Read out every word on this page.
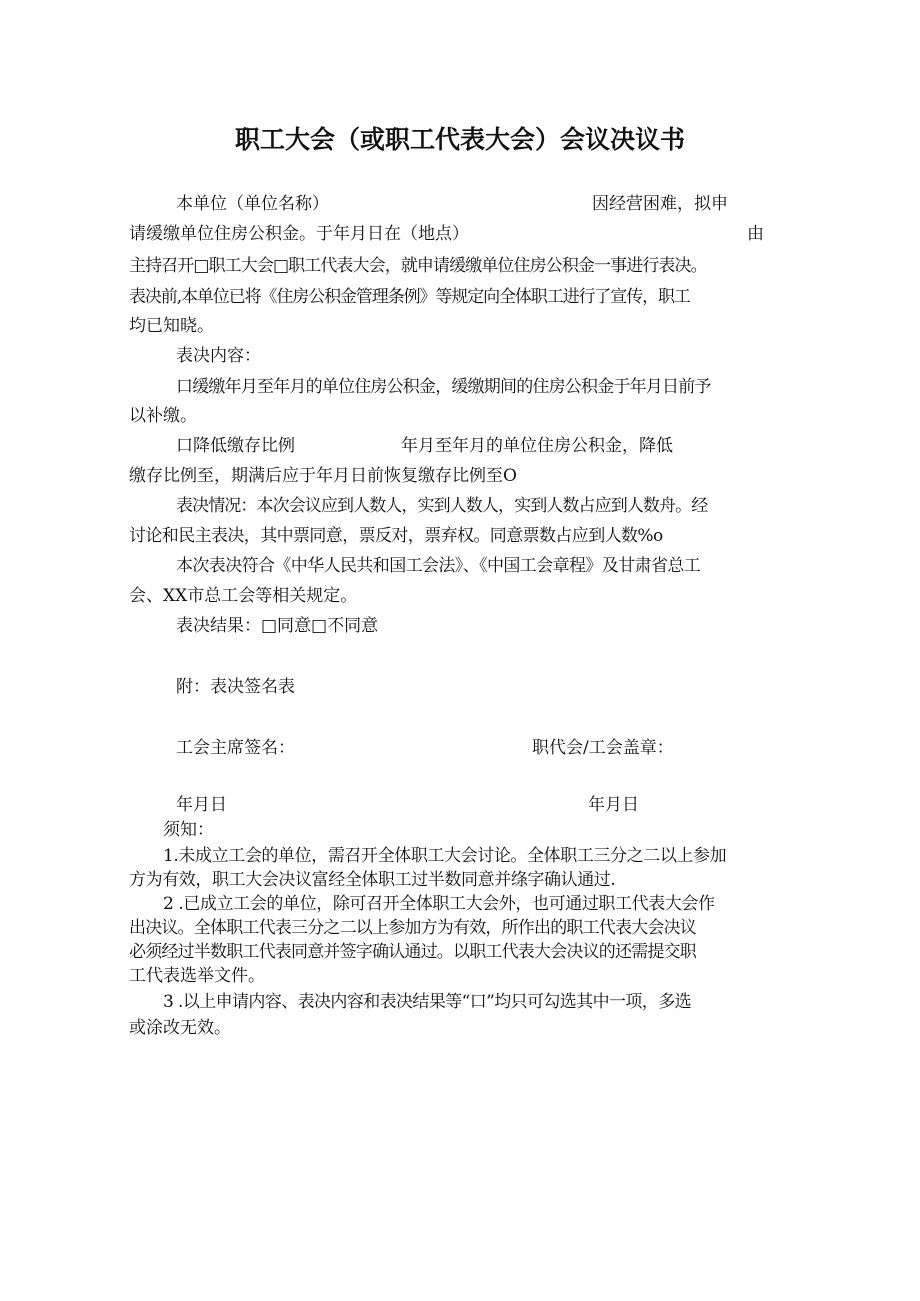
职工大会（或职工代表大会）会议决议书
本单位（单位名称）	因经营困难，拟申
请缓缴单位住房公积金。于年月日在（地点）	由
主持召开□职工大会□职工代表大会，就申请缓缴单位住房公积金一事进行表决。
表决前,本单位已将《住房公积金管理条例》等规定向全体职工进行了宣传，职工
均已知晓。
表决内容：
口缓缴年月至年月的单位住房公积金，缓缴期间的住房公积金于年月日前予
以补缴。
口降低缴存比例	年月至年月的单位住房公积金，降低
缴存比例至，期满后应于年月日前恢复缴存比例至O
表决情况：本次会议应到人数人，实到人数人，实到人数占应到人数舟。经
讨论和民主表决，其中票同意，票反对，票弃权。同意票数占应到人数%o
本次表决符合《中华人民共和国工会法》、《中国工会章程》及甘肃省总工
会、XX市总工会等相关规定。
表决结果：□同意□不同意
附：表决签名表
工会主席签名：	职代会/工会盖章：
年月日	年月日
须知：
1.未成立工会的单位，需召开全体职工大会讨论。全体职工三分之二以上参加
方为有效，职工大会决议富经全体职工过半数同意并绦字确认通过.
2 .已成立工会的单位，除可召开全体职工大会外，也可通过职工代表大会作
出决议。全体职工代表三分之二以上参加方为有效，所作出的职工代表大会决议
必须经过半数职工代表同意并签字确认通过。以职工代表大会决议的还需提交职
工代表选举文件。
3 .以上申请内容、表决内容和表决结果等“口”均只可勾选其中一项，多选
或涂改无效。
